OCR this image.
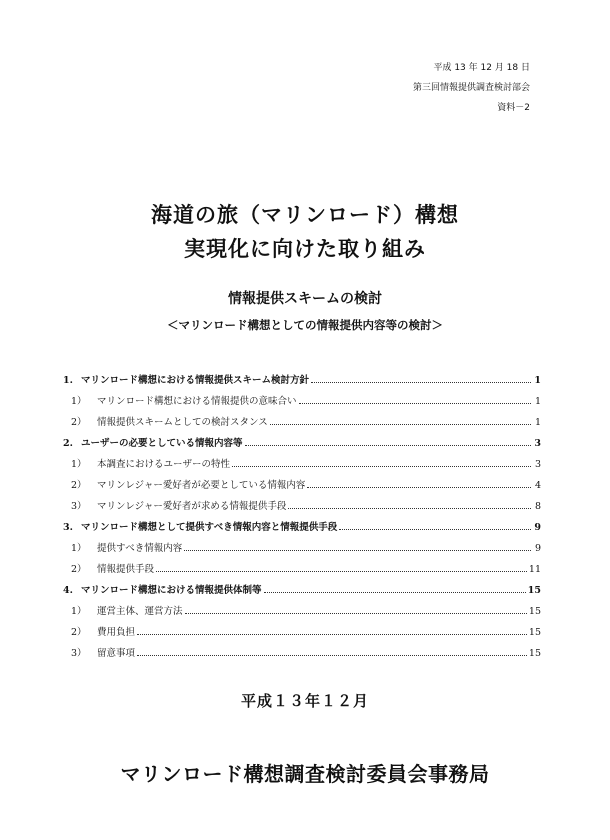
平成 13 年 12 月 18 日
第三回情報提供調査検討部会
資料－2
海道の旅（マリンロード）構想
実現化に向けた取り組み
情報提供スキームの検討
＜マリンロード構想としての情報提供内容等の検討＞
1. マリンロード構想における情報提供スキーム検討方針	1
1）	マリンロード構想における情報提供の意味合い	1
2）	情報提供スキームとしての検討スタンス	1
2. ユーザーの必要としている情報内容等	3
1）	本調査におけるユーザーの特性	3
2）	マリンレジャー愛好者が必要としている情報内容	4
3）	マリンレジャー愛好者が求める情報提供手段	8
3. マリンロード構想として提供すべき情報内容と情報提供手段	9
1）	提供すべき情報内容	9
2）	情報提供手段	11
4. マリンロード構想における情報提供体制等	15
1）	運営主体、運営方法	15
2）	費用負担	15
3）	留意事項	15
平成１３年１２月
マリンロード構想調査検討委員会事務局
